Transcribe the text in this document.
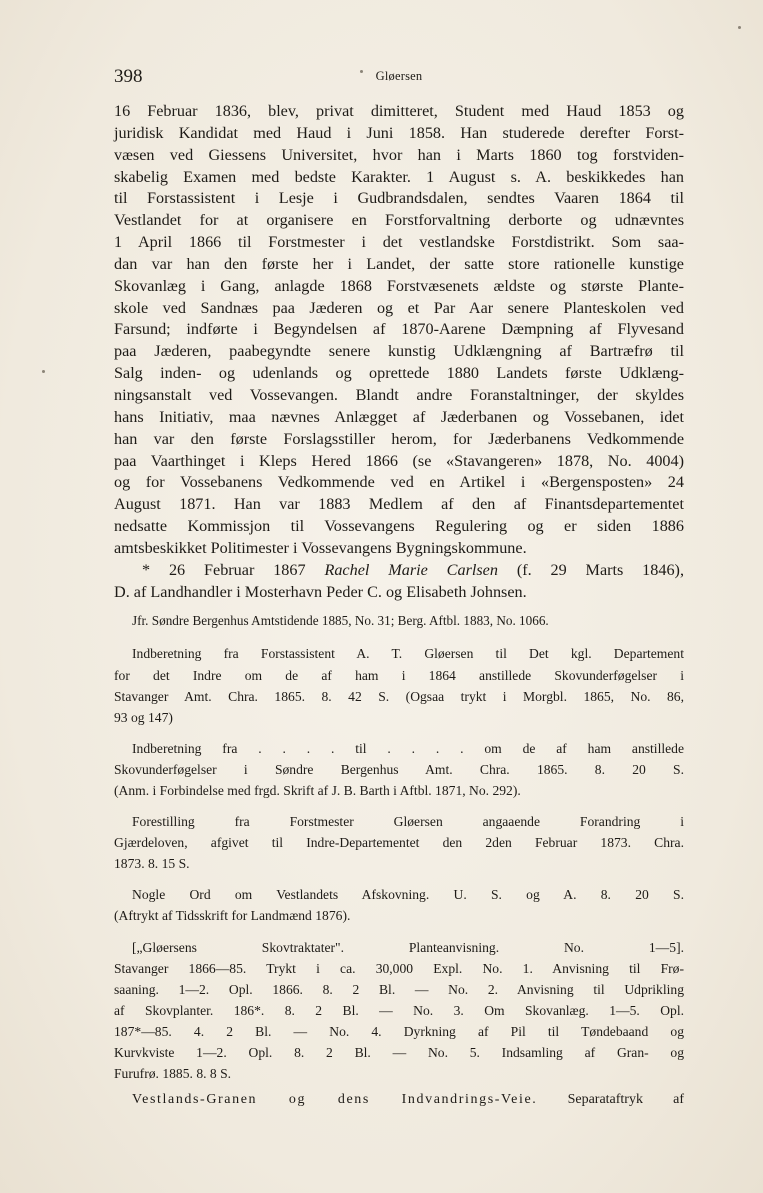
398	Gløersen

16 Februar 1836, blev, privat dimitteret, Student med Haud 1853 og
juridisk Kandidat med Haud i Juni 1858. Han studerede derefter Forst-
væsen ved Giessens Universitet, hvor han i Marts 1860 tog forstviden-
skabelig Examen med bedste Karakter. 1 August s. A. beskikkedes han
til Forstassistent i Lesje i Gudbrandsdalen, sendtes Vaaren 1864 til
Vestlandet for at organisere en Forstforvaltning derborte og udnævntes
1 April 1866 til Forstmester i det vestlandske Forstdistrikt. Som saa-
dan var han den første her i Landet, der satte store rationelle kunstige
Skovanlæg i Gang, anlagde 1868 Forstvæsenets ældste og største Plante-
skole ved Sandnæs paa Jæderen og et Par Aar senere Planteskolen ved
Farsund; indførte i Begyndelsen af 1870-Aarene Dæmpning af Flyvesand
paa Jæderen, paabegyndte senere kunstig Udklængning af Bartræfrø til
Salg inden- og udenlands og oprettede 1880 Landets første Udklæng-
ningsanstalt ved Vossevangen. Blandt andre Foranstaltninger, der skyldes
hans Initiativ, maa nævnes Anlægget af Jæderbanen og Vossebanen, idet
han var den første Forslagsstiller herom, for Jæderbanens Vedkommende
paa Vaarthinget i Kleps Hered 1866 (se «Stavangeren» 1878, No. 4004)
og for Vossebanens Vedkommende ved en Artikel i «Bergensposten» 24
August 1871. Han var 1883 Medlem af den af Finantsdepartementet
nedsatte Kommissjon til Vossevangens Regulering og er siden 1886
amtsbeskikket Politimester i Vossevangens Bygningskommune.

* 26 Februar 1867 Rachel Marie Carlsen (f. 29 Marts 1846),
D. af Landhandler i Mosterhavn Peder C. og Elisabeth Johnsen.

Jfr. Søndre Bergenhus Amtstidende 1885, No. 31; Berg. Aftbl. 1883, No. 1066.

Indberetning fra Forstassistent A. T. Gløersen til Det kgl. Departement
for det Indre om de af ham i 1864 anstillede Skovunderføgelser i
Stavanger Amt. Chra. 1865. 8. 42 S. (Ogsaa trykt i Morgbl. 1865, No. 86,
93 og 147)
Indberetning fra . . . . til . . . . om de af ham anstillede
Skovunderføgelser i Søndre Bergenhus Amt. Chra. 1865. 8. 20 S.
(Anm. i Forbindelse med frgd. Skrift af J. B. Barth i Aftbl. 1871, No. 292).
Forestilling fra Forstmester Gløersen angaaende Forandring i
Gjærdeloven, afgivet til Indre-Departementet den 2den Februar 1873. Chra.
1873. 8. 15 S.
Nogle Ord om Vestlandets Afskovning. U. S. og A. 8. 20 S.
(Aftrykt af Tidsskrift for Landmænd 1876).
[„Gløersens Skovtraktater". Planteanvisning. No. 1—5].
Stavanger 1866—85. Trykt i ca. 30,000 Expl. No. 1. Anvisning til Frø-
saaning. 1—2. Opl. 1866. 8. 2 Bl. — No. 2. Anvisning til Udprikling
af Skovplanter. 186*. 8. 2 Bl. — No. 3. Om Skovanlæg. 1—5. Opl.
187*—85. 4. 2 Bl. — No. 4. Dyrkning af Pil til Tøndebaand og
Kurvkviste 1—2. Opl. 8. 2 Bl. — No. 5. Indsamling af Gran- og
Furufrø. 1885. 8. 8 S.
Vestlands-Granen og dens Indvandrings-Veie. Separataftryk af
